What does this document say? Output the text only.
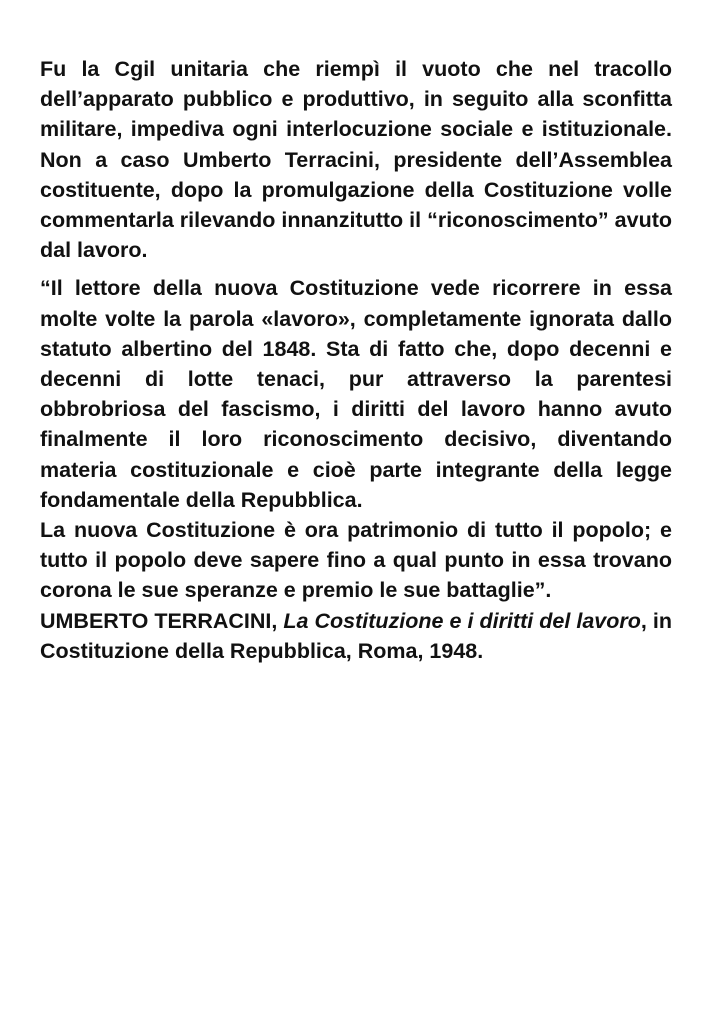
Fu la Cgil unitaria che riempì il vuoto che nel tracollo dell’apparato pubblico e produttivo, in seguito alla sconfitta militare, impediva ogni interlocuzione sociale e istituzionale. Non a caso Umberto Terracini, presidente dell’Assemblea costituente, dopo la promulgazione della Costituzione volle commentarla rilevando innanzitutto il “riconoscimento” avuto dal lavoro.

“Il lettore della nuova Costituzione vede ricorrere in essa molte volte la parola «lavoro», completamente ignorata dallo statuto albertino del 1848. Sta di fatto che, dopo decenni e decenni di lotte tenaci, pur attraverso la parentesi obbrobriosa del fascismo, i diritti del lavoro hanno avuto finalmente il loro riconoscimento decisivo, diventando materia costituzionale e cioè parte integrante della legge fondamentale della Repubblica.

La nuova Costituzione è ora patrimonio di tutto il popolo; e tutto il popolo deve sapere fino a qual punto in essa trovano corona le sue speranze e premio le sue battaglie”.

UMBERTO TERRACINI, La Costituzione e i diritti del lavoro, in Costituzione della Repubblica, Roma, 1948.
